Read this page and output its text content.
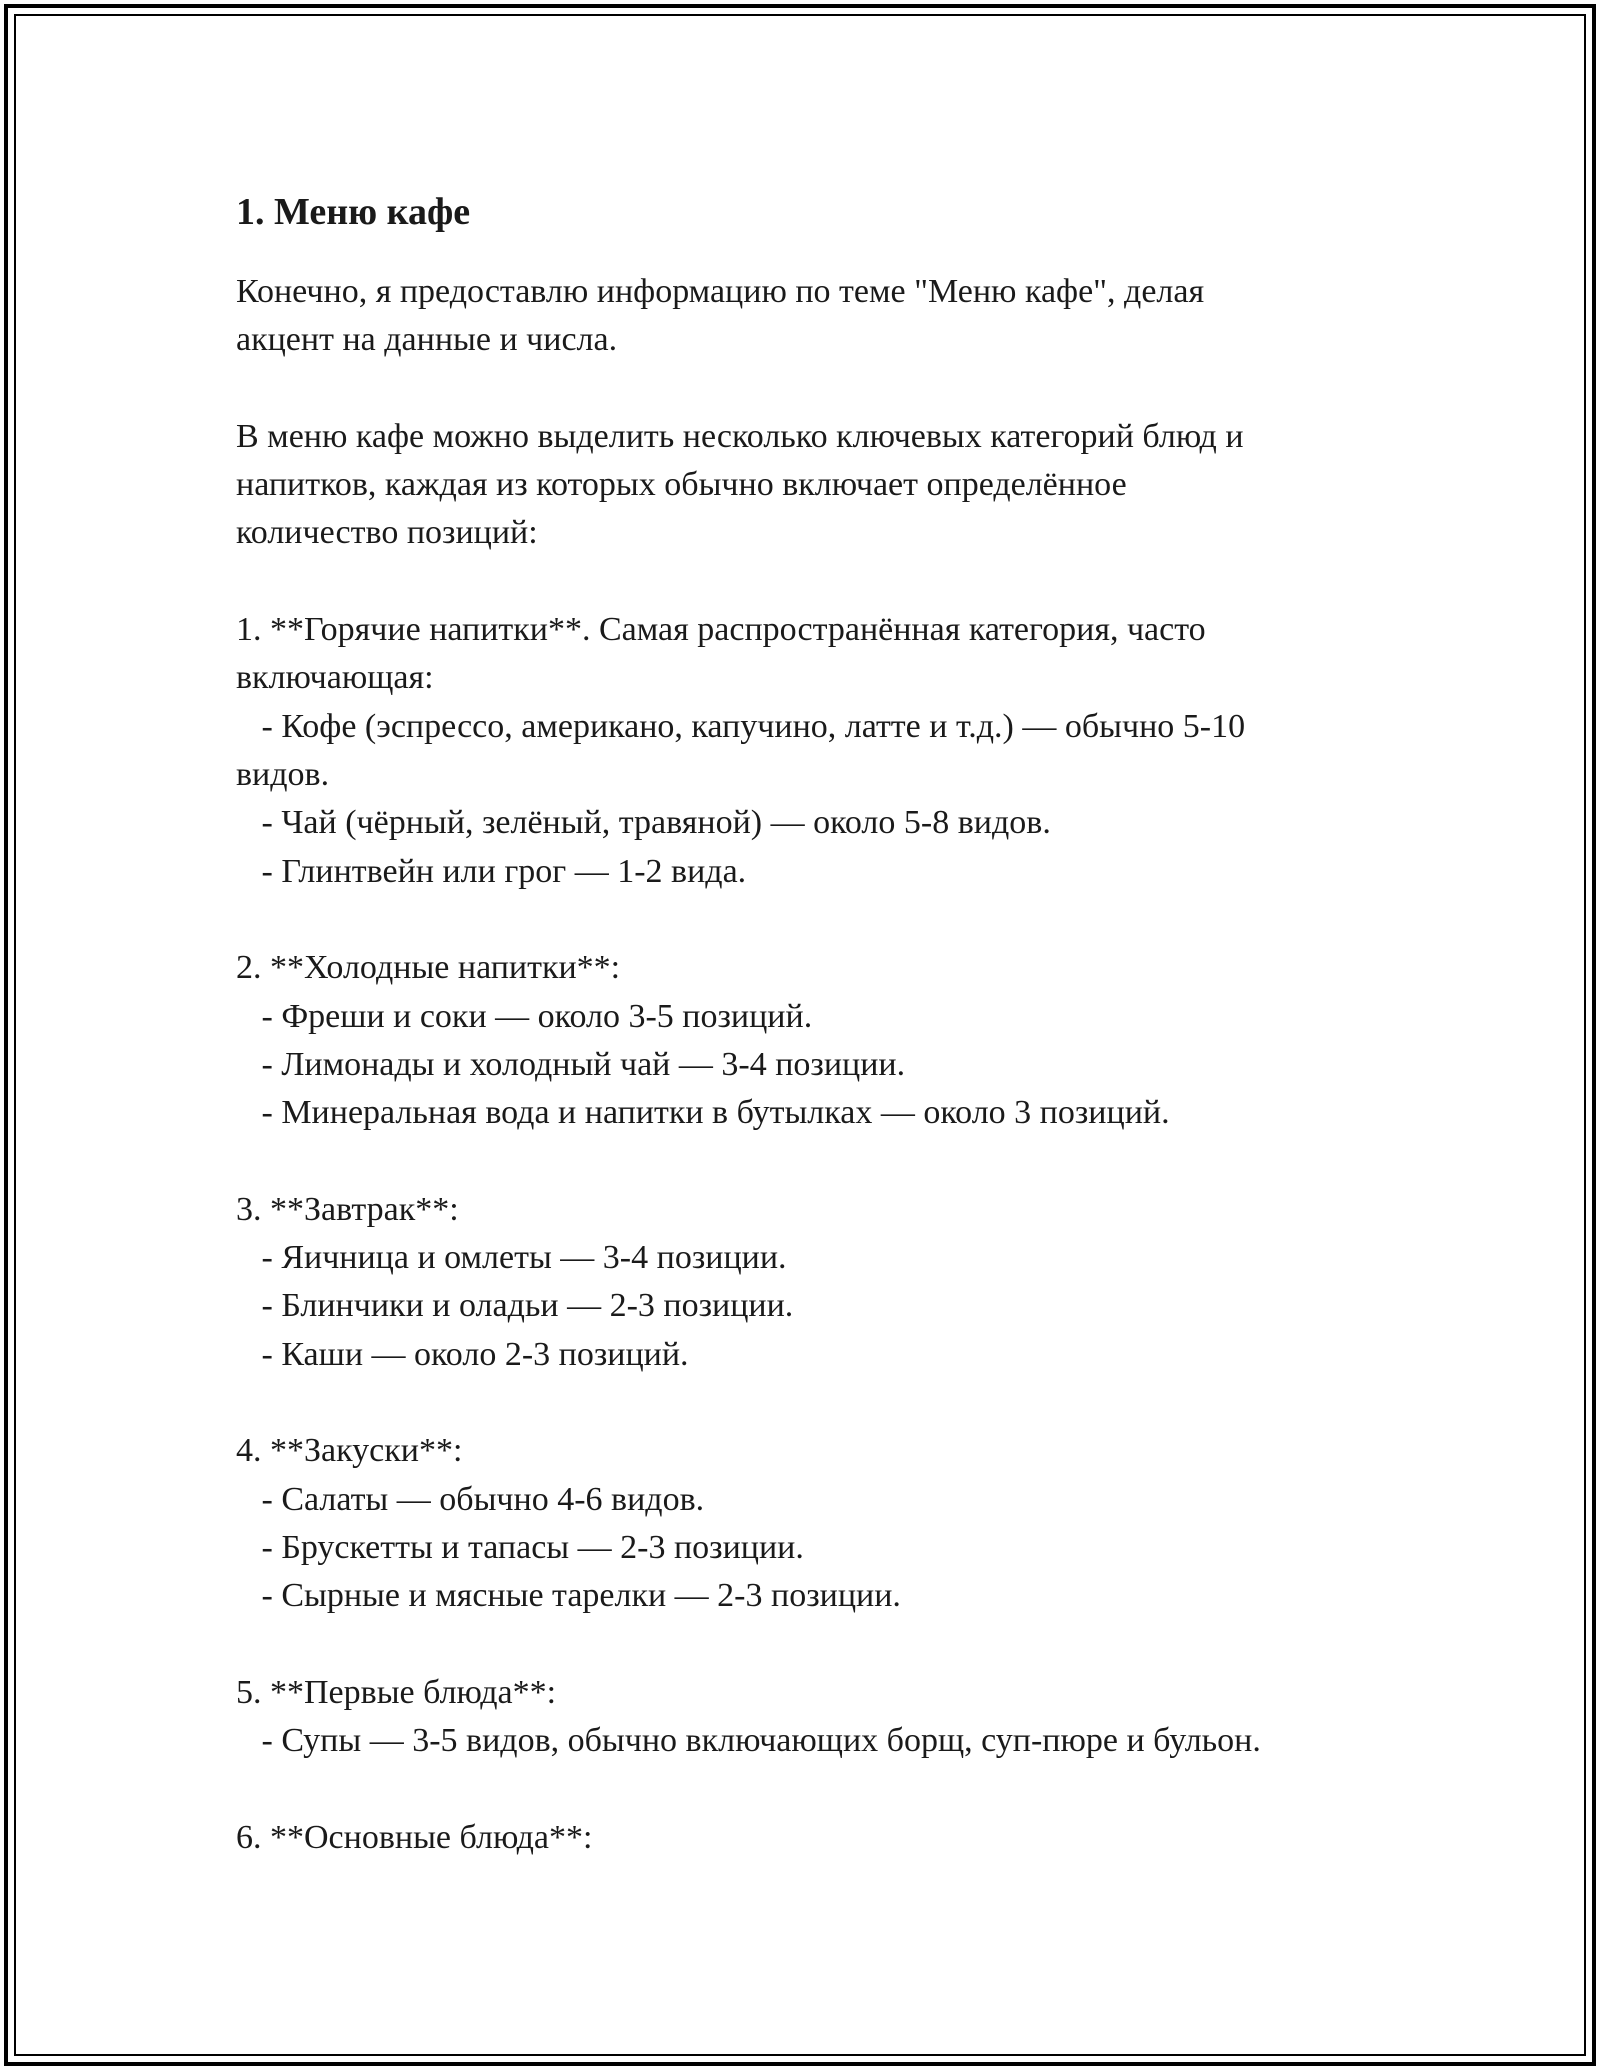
1. Меню кафе
Конечно, я предоставлю информацию по теме "Меню кафе", делая
акцент на данные и числа.
В меню кафе можно выделить несколько ключевых категорий блюд и
напитков, каждая из которых обычно включает определённое
количество позиций:
1. **Горячие напитки**. Самая распространённая категория, часто
включающая:
- Кофе (эспрессо, американо, капучино, латте и т.д.) — обычно 5-10
видов.
- Чай (чёрный, зелёный, травяной) — около 5-8 видов.
- Глинтвейн или грог — 1-2 вида.
2. **Холодные напитки**:
- Фреши и соки — около 3-5 позиций.
- Лимонады и холодный чай — 3-4 позиции.
- Минеральная вода и напитки в бутылках — около 3 позиций.
3. **Завтрак**:
- Яичница и омлеты — 3-4 позиции.
- Блинчики и оладьи — 2-3 позиции.
- Каши — около 2-3 позиций.
4. **Закуски**:
- Салаты — обычно 4-6 видов.
- Брускетты и тапасы — 2-3 позиции.
- Сырные и мясные тарелки — 2-3 позиции.
5. **Первые блюда**:
- Супы — 3-5 видов, обычно включающих борщ, суп-пюре и бульон.
6. **Основные блюда**:
